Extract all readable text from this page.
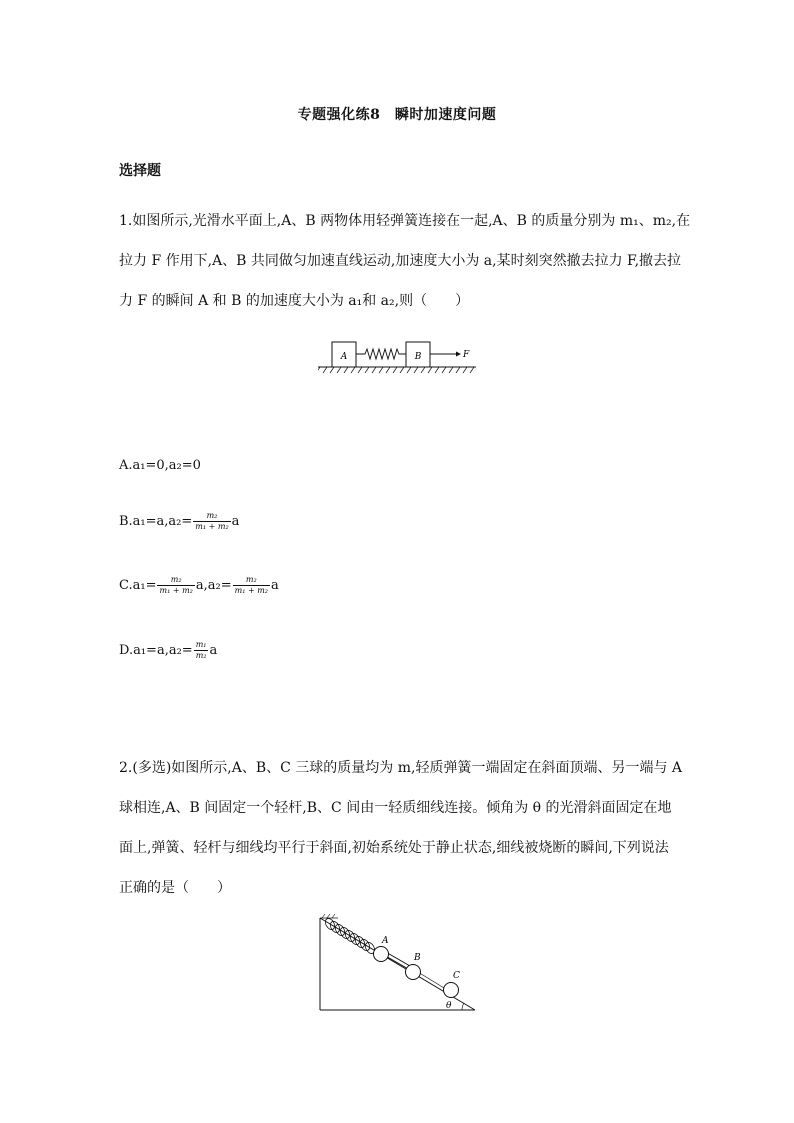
专题强化练8　瞬时加速度问题
选择题
1.如图所示,光滑水平面上,A、B 两物体用轻弹簧连接在一起,A、B 的质量分别为 m₁、m₂,在
拉力 F 作用下,A、B 共同做匀加速直线运动,加速度大小为 a,某时刻突然撤去拉力 F,撤去拉
力 F 的瞬间 A 和 B 的加速度大小为 a₁和 a₂,则（　　）
A	B	F
A.a₁=0,a₂=0
$B.a_1=a,a_2= \frac{\text{m₂}}{\text{m₁ + m₂}}$ a
$C.a_1= \frac{\text{m₂}}{\text{m₁ + m₂}} a,a_2= \frac{\text{m₂}}{\text{m₁ + m₂}}$ a
$D.a_1=a,a_2= \frac{\text{m₁}}{\text{m₂}}$ a
2.(多选)如图所示,A、B、C 三球的质量均为 m,轻质弹簧一端固定在斜面顶端、另一端与 A
球相连,A、B 间固定一个轻杆,B、C 间由一轻质细线连接。倾角为 θ 的光滑斜面固定在地
面上,弹簧、轻杆与细线均平行于斜面,初始系统处于静止状态,细线被烧断的瞬间,下列说法
正确的是（　　）
A
B
C
θ
